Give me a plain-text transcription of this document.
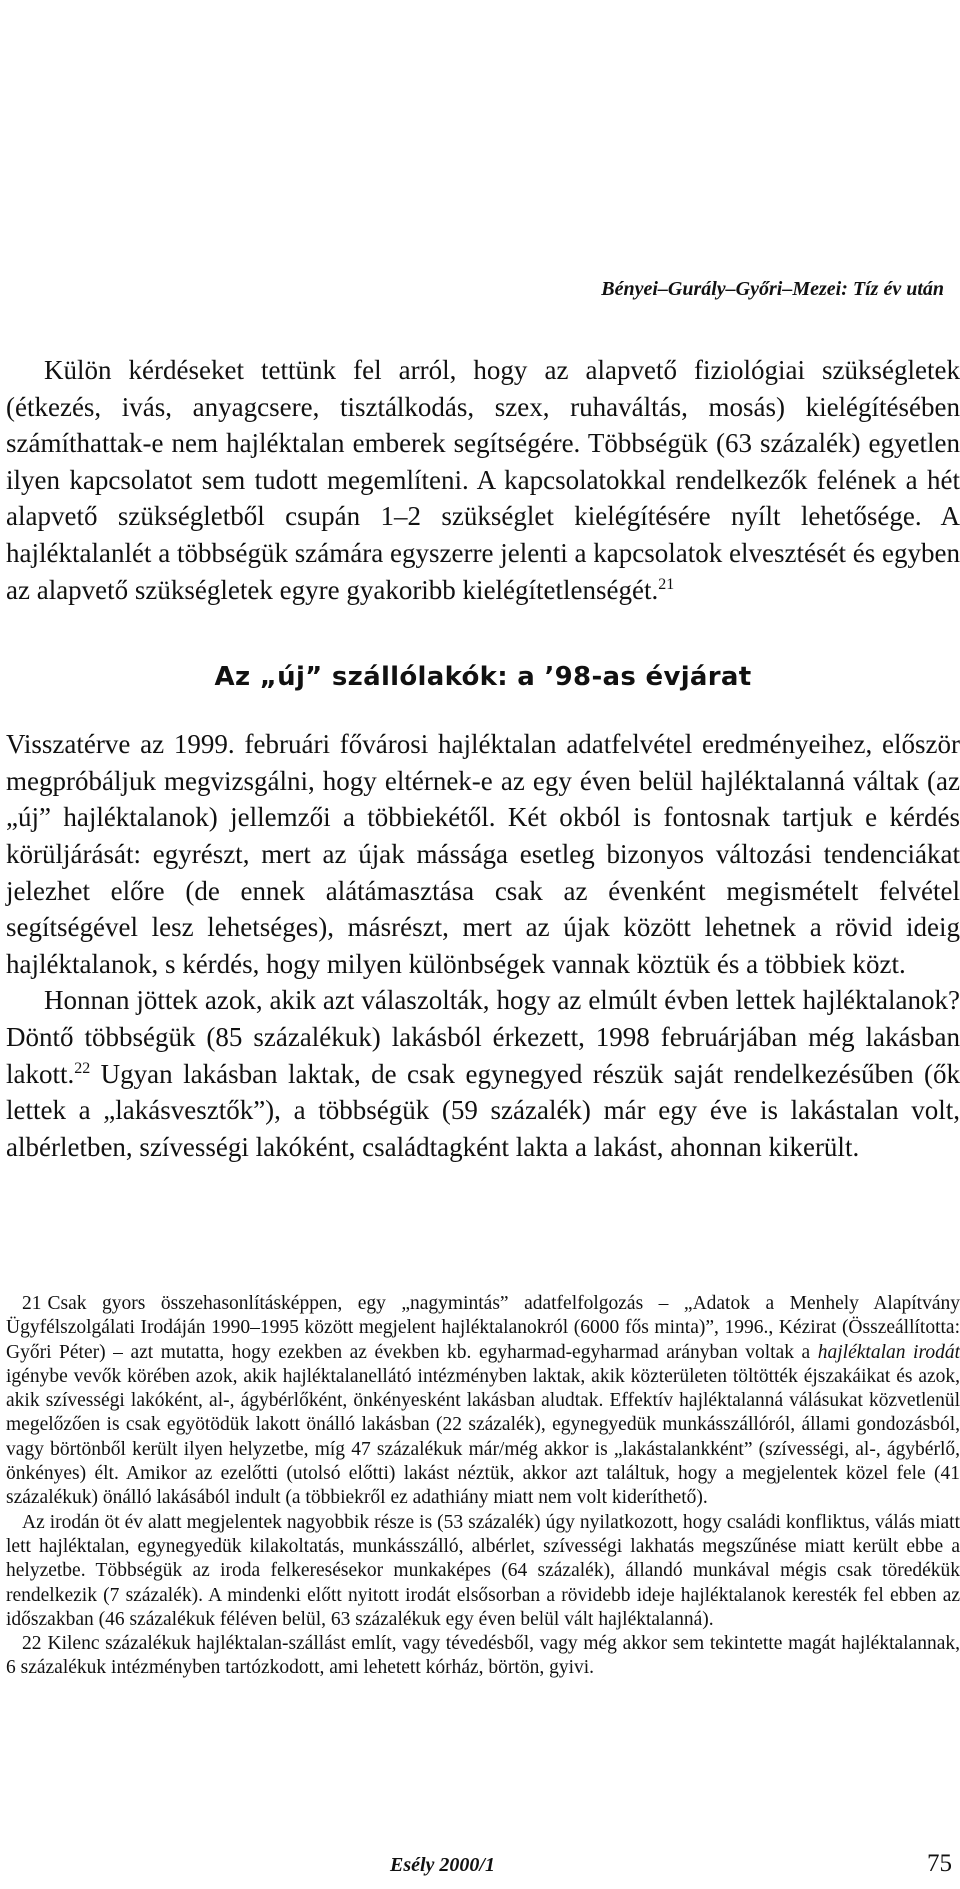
Bényei–Gurály–Győri–Mezei: Tíz év után

Külön kérdéseket tettünk fel arról, hogy az alapvető fiziológiai szükségletek (étkezés, ivás, anyagcsere, tisztálkodás, szex, ruhaváltás, mosás) kielégítésében számíthattak-e nem hajléktalan emberek segítségére. Többségük (63 százalék) egyetlen ilyen kapcsolatot sem tudott megemlíteni. A kapcsolatokkal rendelkezők felének a hét alapvető szükségletből csupán 1–2 szükséglet kielégítésére nyílt lehetősége. A hajléktalanlét a többségük számára egyszerre jelenti a kapcsolatok elvesztését és egyben az alapvető szükségletek egyre gyakoribb kielégítetlenségét.$^{21}$

Az „új” szállólakók: a ’98-as évjárat

Visszatérve az 1999. februári fővárosi hajléktalan adatfelvétel eredményeihez, először megpróbáljuk megvizsgálni, hogy eltérnek-e az egy éven belül hajléktalanná váltak (az „új” hajléktalanok) jellemzői a többiekétől. Két okból is fontosnak tartjuk e kérdés körüljárását: egyrészt, mert az újak mássága esetleg bizonyos változási tendenciákat jelezhet előre (de ennek alátámasztása csak az évenként megismételt felvétel segítségével lesz lehetséges), másrészt, mert az újak között lehetnek a rövid ideig hajléktalanok, s kérdés, hogy milyen különbségek vannak köztük és a többiek közt.

Honnan jöttek azok, akik azt válaszolták, hogy az elmúlt évben lettek hajléktalanok? Döntő többségük (85 százalékuk) lakásból érkezett, 1998 februárjában még lakásban lakott.$^{22}$ Ugyan lakásban laktak, de csak egynegyed részük saját rendelkezésűben (ők lettek a „lakásvesztők”), a többségük (59 százalék) már egy éve is lakástalan volt, albérletben, szívességi lakóként, családtagként lakta a lakást, ahonnan kikerült.

21 Csak gyors összehasonlításképpen, egy „nagymintás” adatfelfolgozás – „Adatok a Menhely Alapítvány Ügyfélszolgálati Irodáján 1990–1995 között megjelent hajléktalanokról (6000 fős minta)”, 1996., Kézirat (Összeállította: Győri Péter) – azt mutatta, hogy ezekben az években kb. egyharmad-egyharmad arányban voltak a hajléktalan irodát igénybe vevők körében azok, akik hajléktalanellátó intézményben laktak, akik közterületen töltötték éjszakáikat és azok, akik szívességi lakóként, al-, ágybérlőként, önkényesként lakásban aludtak. Effektív hajléktalanná válásukat közvetlenül megelőzően is csak egyötödük lakott önálló lakásban (22 százalék), egynegyedük munkásszállóról, állami gondozásból, vagy börtönből került ilyen helyzetbe, míg 47 százalékuk már/még akkor is „lakástalankként” (szívességi, al-, ágybérlő, önkényes) élt. Amikor az ezelőtti (utolsó előtti) lakást néztük, akkor azt találtuk, hogy a megjelentek közel fele (41 százalékuk) önálló lakásából indult (a többiekről ez adathiány miatt nem volt kideríthető).

Az irodán öt év alatt megjelentek nagyobbik része is (53 százalék) úgy nyilatkozott, hogy családi konfliktus, válás miatt lett hajléktalan, egynegyedük kilakoltatás, munkásszálló, albérlet, szívességi lakhatás megszűnése miatt került ebbe a helyzetbe. Többségük az iroda felkeresésekor munkaképes (64 százalék), állandó munkával mégis csak töredékük rendelkezik (7 százalék). A mindenki előtt nyitott irodát elsősorban a rövidebb ideje hajléktalanok keresték fel ebben az időszakban (46 százalékuk féléven belül, 63 százalékuk egy éven belül vált hajléktalanná).

22 Kilenc százalékuk hajléktalan-szállást említ, vagy tévedésből, vagy még akkor sem tekintette magát hajléktalannak, 6 százalékuk intézményben tartózkodott, ami lehetett kórház, börtön, gyivi.

Esély 2000/1	75
